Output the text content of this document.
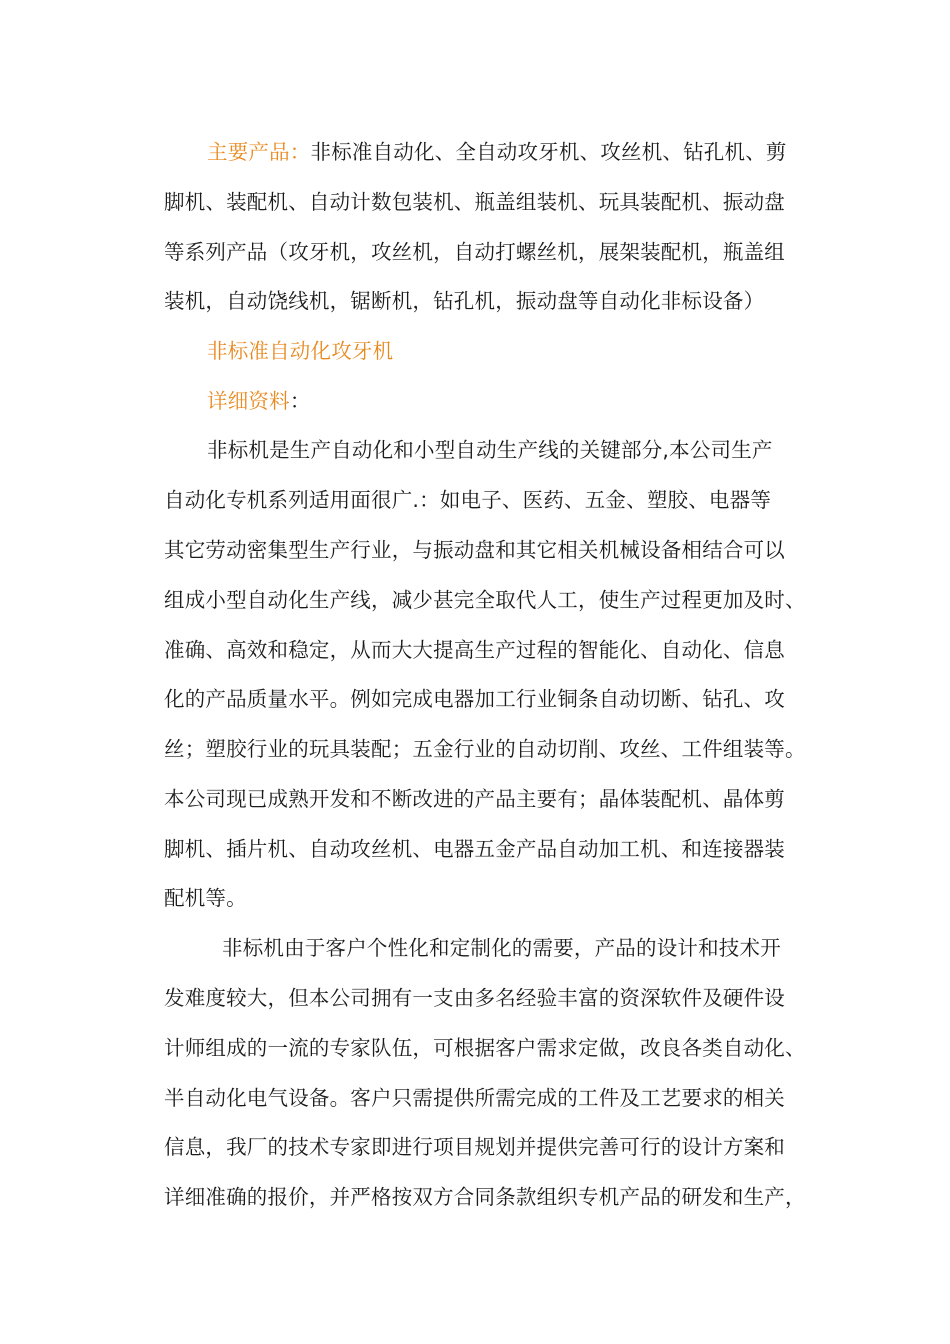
主要产品：非标准自动化、全自动攻牙机、攻丝机、钻孔机、剪
脚机、装配机、自动计数包装机、瓶盖组装机、玩具装配机、振动盘
等系列产品（攻牙机，攻丝机，自动打螺丝机，展架装配机，瓶盖组
装机，自动饶线机，锯断机，钻孔机，振动盘等自动化非标设备）
非标准自动化攻牙机
详细资料：
非标机是生产自动化和小型自动生产线的关键部分,本公司生产
自动化专机系列适用面很广.：如电子、医药、五金、塑胶、电器等
其它劳动密集型生产行业，与振动盘和其它相关机械设备相结合可以
组成小型自动化生产线，减少甚完全取代人工，使生产过程更加及时、
准确、高效和稳定，从而大大提高生产过程的智能化、自动化、信息
化的产品质量水平。例如完成电器加工行业铜条自动切断、钻孔、攻
丝；塑胶行业的玩具装配；五金行业的自动切削、攻丝、工件组装等。
本公司现已成熟开发和不断改进的产品主要有；晶体装配机、晶体剪
脚机、插片机、自动攻丝机、电器五金产品自动加工机、和连接器装
配机等。
非标机由于客户个性化和定制化的需要，产品的设计和技术开
发难度较大，但本公司拥有一支由多名经验丰富的资深软件及硬件设
计师组成的一流的专家队伍，可根据客户需求定做，改良各类自动化、
半自动化电气设备。客户只需提供所需完成的工件及工艺要求的相关
信息，我厂的技术专家即进行项目规划并提供完善可行的设计方案和
详细准确的报价，并严格按双方合同条款组织专机产品的研发和生产，
